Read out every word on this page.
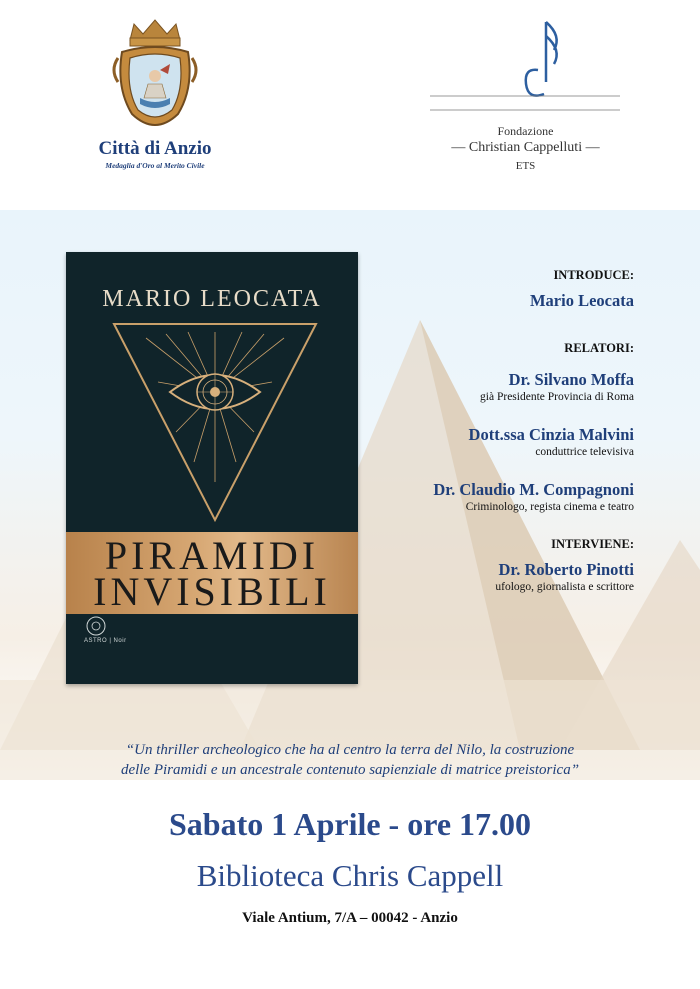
Città di Anzio
Medaglia d'Oro al Merito Civile
Fondazione
— Christian Cappelluti —
ETS
MARIO LEOCATA
PIRAMIDI
INVISIBILI
ASTRO | Noir
INTRODUCE:
Mario Leocata
RELATORI:
Dr. Silvano Moffa
già Presidente Provincia di Roma
Dott.ssa Cinzia Malvini
conduttrice televisiva
Dr. Claudio M. Compagnoni
Criminologo, regista cinema e teatro
INTERVIENE:
Dr. Roberto Pinotti
ufologo, giornalista e scrittore
“Un thriller archeologico che ha al centro la terra del Nilo, la costruzione
delle Piramidi e un ancestrale contenuto sapienziale di matrice preistorica”
Sabato 1 Aprile - ore 17.00
Biblioteca Chris Cappell
Viale Antium, 7/A – 00042 - Anzio
